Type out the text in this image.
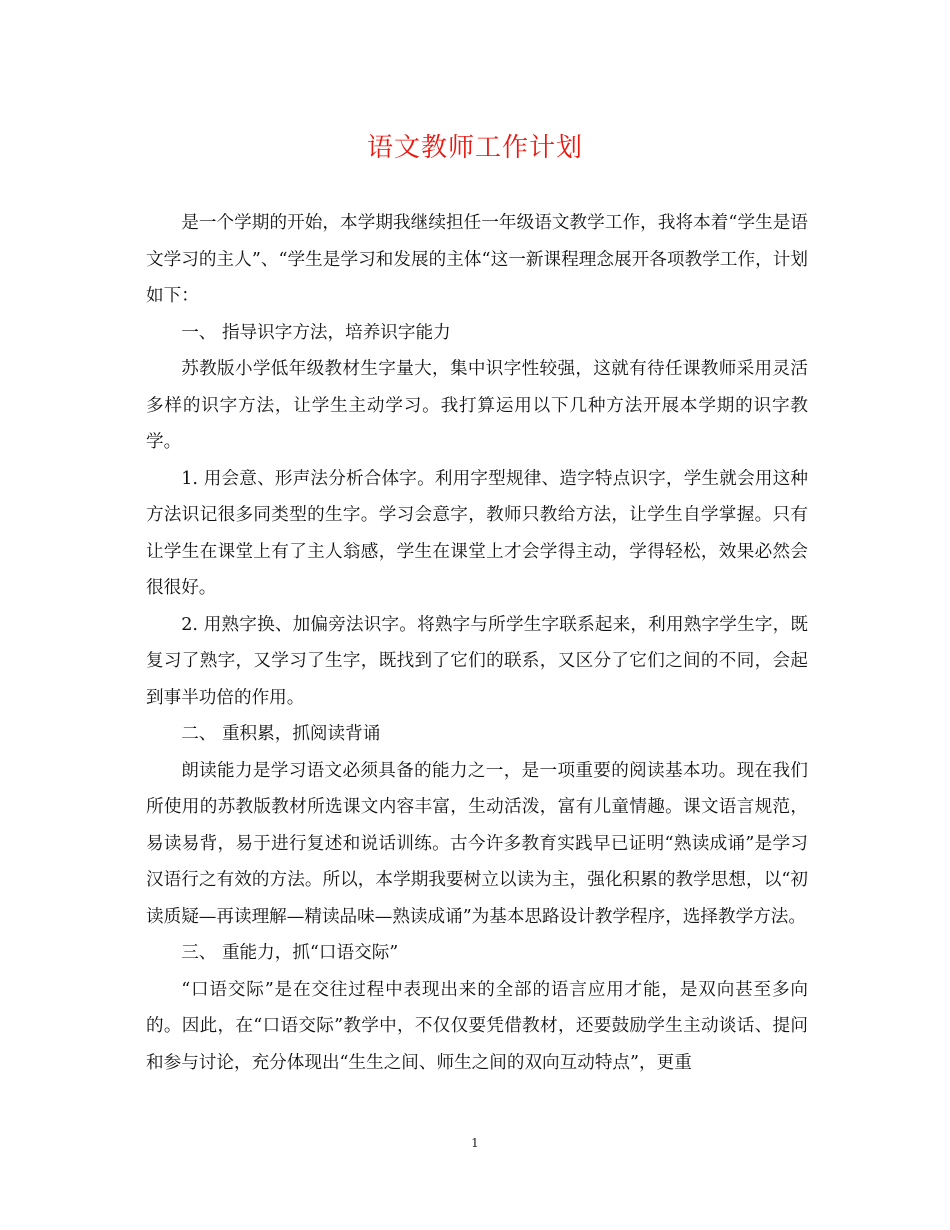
语文教师工作计划

是一个学期的开始，本学期我继续担任一年级语文教学工作，我将本着“学生是语文学习的主人”、“学生是学习和发展的主体“这一新课程理念展开各项教学工作，计划如下：

一、 指导识字方法，培养识字能力

苏教版小学低年级教材生字量大，集中识字性较强，这就有待任课教师采用灵活多样的识字方法，让学生主动学习。我打算运用以下几种方法开展本学期的识字教学。

1. 用会意、形声法分析合体字。利用字型规律、造字特点识字，学生就会用这种方法识记很多同类型的生字。学习会意字，教师只教给方法，让学生自学掌握。只有让学生在课堂上有了主人翁感，学生在课堂上才会学得主动，学得轻松，效果必然会很很好。

2. 用熟字换、加偏旁法识字。将熟字与所学生字联系起来，利用熟字学生字，既复习了熟字，又学习了生字，既找到了它们的联系，又区分了它们之间的不同，会起到事半功倍的作用。

二、 重积累，抓阅读背诵

朗读能力是学习语文必须具备的能力之一，是一项重要的阅读基本功。现在我们所使用的苏教版教材所选课文内容丰富，生动活泼，富有儿童情趣。课文语言规范，易读易背，易于进行复述和说话训练。古今许多教育实践早已证明“熟读成诵”是学习汉语行之有效的方法。所以，本学期我要树立以读为主，强化积累的教学思想，以“初读质疑—再读理解—精读品味—熟读成诵”为基本思路设计教学程序，选择教学方法。

三、 重能力，抓“口语交际”

“口语交际”是在交往过程中表现出来的全部的语言应用才能，是双向甚至多向的。因此，在“口语交际”教学中，不仅仅要凭借教材，还要鼓励学生主动谈话、提问和参与讨论，充分体现出“生生之间、师生之间的双向互动特点”，更重

1
